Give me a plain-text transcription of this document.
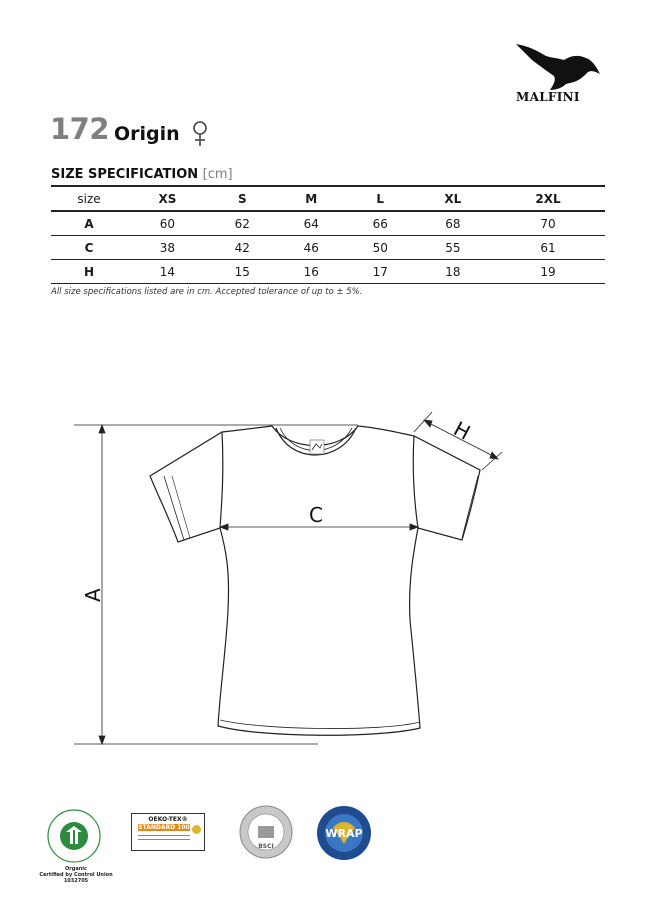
MALFINI
172 Origin
SIZE SPECIFICATION [cm]
size	XS	S	M	L	XL	2XL
A	60	62	64	66	68	70
C	38	42	46	50	55	61
H	14	15	16	17	18	19
All size specifications listed are in cm. Accepted tolerance of up to ± 5%.
A
C
H
Organic
Certified by Control Union
1032705
OEKO-TEX®
STANDARD 100
BSCI
WRAP
